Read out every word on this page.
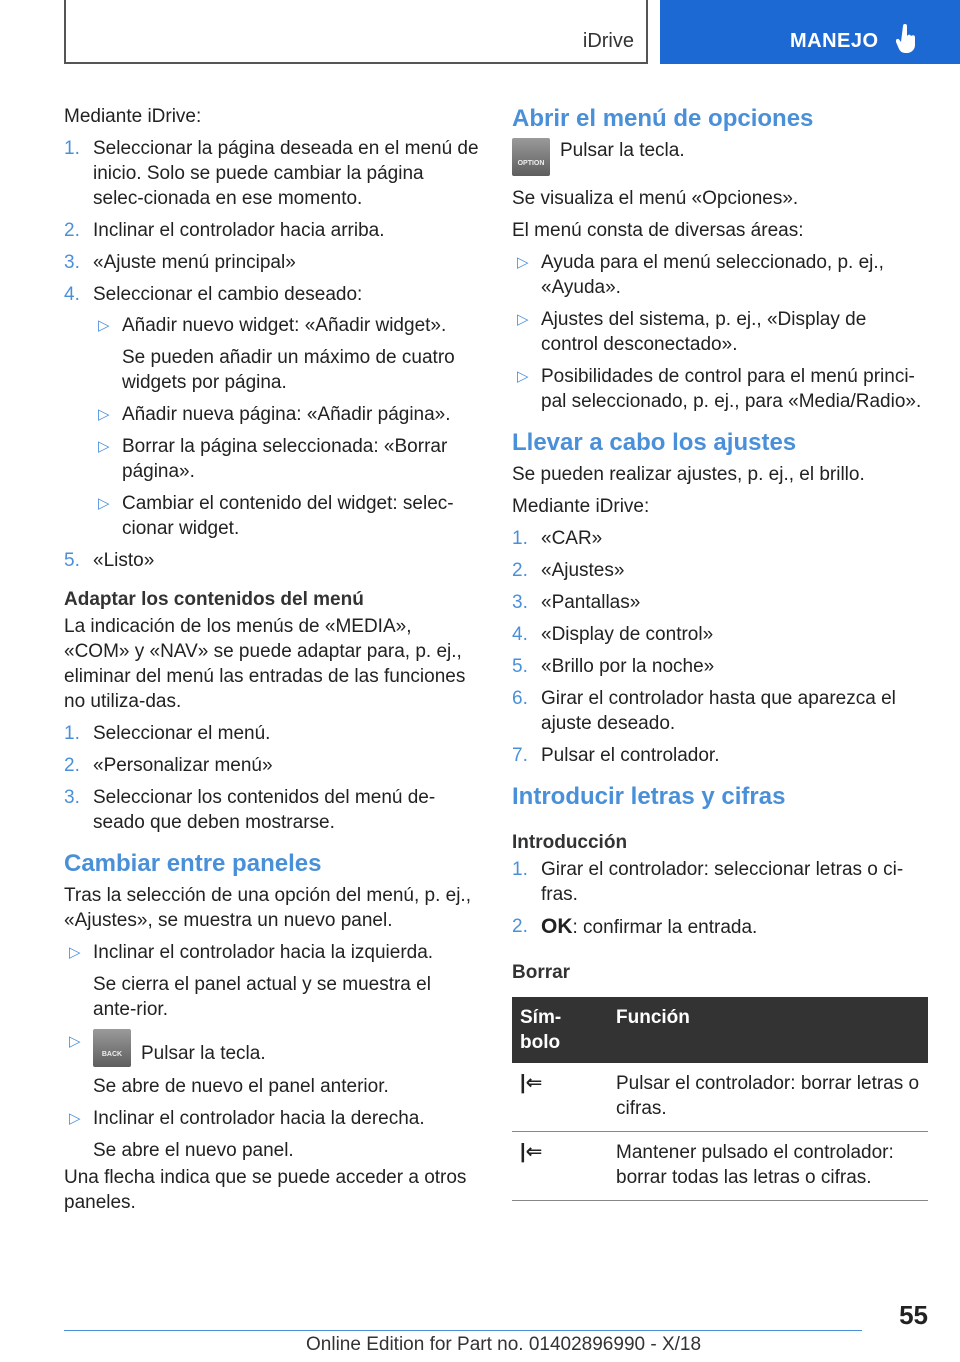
iDrive	MANEJO

Mediante iDrive:

1. Seleccionar la página deseada en el menú de inicio. Solo se puede cambiar la página selec‐cionada en ese momento.
2. Inclinar el controlador hacia arriba.
3. «Ajuste menú principal»
4. Seleccionar el cambio deseado:
▷ Añadir nuevo widget: «Añadir widget».
Se pueden añadir un máximo de cuatro widgets por página.
▷ Añadir nueva página: «Añadir página».
▷ Borrar la página seleccionada: «Borrar página».
▷ Cambiar el contenido del widget: selec‐cionar widget.
5. «Listo»
Adaptar los contenidos del menú

La indicación de los menús de «MEDIA», «COM» y «NAV» se puede adaptar para, p. ej., eliminar del menú las entradas de las funciones no utiliza‐das.

1. Seleccionar el menú.
2. «Personalizar menú»
3. Seleccionar los contenidos del menú de‐seado que deben mostrarse.
Cambiar entre paneles

Tras la selección de una opción del menú, p. ej., «Ajustes», se muestra un nuevo panel.

▷ Inclinar el controlador hacia la izquierda.
Se cierra el panel actual y se muestra el ante‐rior.
▷
BACK Pulsar la tecla.
Se abre de nuevo el panel anterior.
▷ Inclinar el controlador hacia la derecha.
Se abre el nuevo panel.

Una flecha indica que se puede acceder a otros paneles.

Abrir el menú de opciones
OPTION
Pulsar la tecla.

Se visualiza el menú «Opciones».

El menú consta de diversas áreas:

▷ Ayuda para el menú seleccionado, p. ej., «Ayuda».
▷ Ajustes del sistema, p. ej., «Display de control desconectado».
▷ Posibilidades de control para el menú princi‐pal seleccionado, p. ej., para «Media/Radio».
Llevar a cabo los ajustes

Se pueden realizar ajustes, p. ej., el brillo.

Mediante iDrive:

1. «CAR»
2. «Ajustes»
3. «Pantallas»
4. «Display de control»
5. «Brillo por la noche»
6. Girar el controlador hasta que aparezca el ajuste deseado.
7. Pulsar el controlador.
Introducir letras y cifras
Introducción
1. Girar el controlador: seleccionar letras o ci‐fras.
2. OK: confirmar la entrada.
Borrar
Sím‐bolo	Función
|⇐	Pulsar el controlador: borrar letras o cifras.
|⇐	Mantener pulsado el controlador: borrar todas las letras o cifras.
55
Online Edition for Part no. 01402896990 - X/18
